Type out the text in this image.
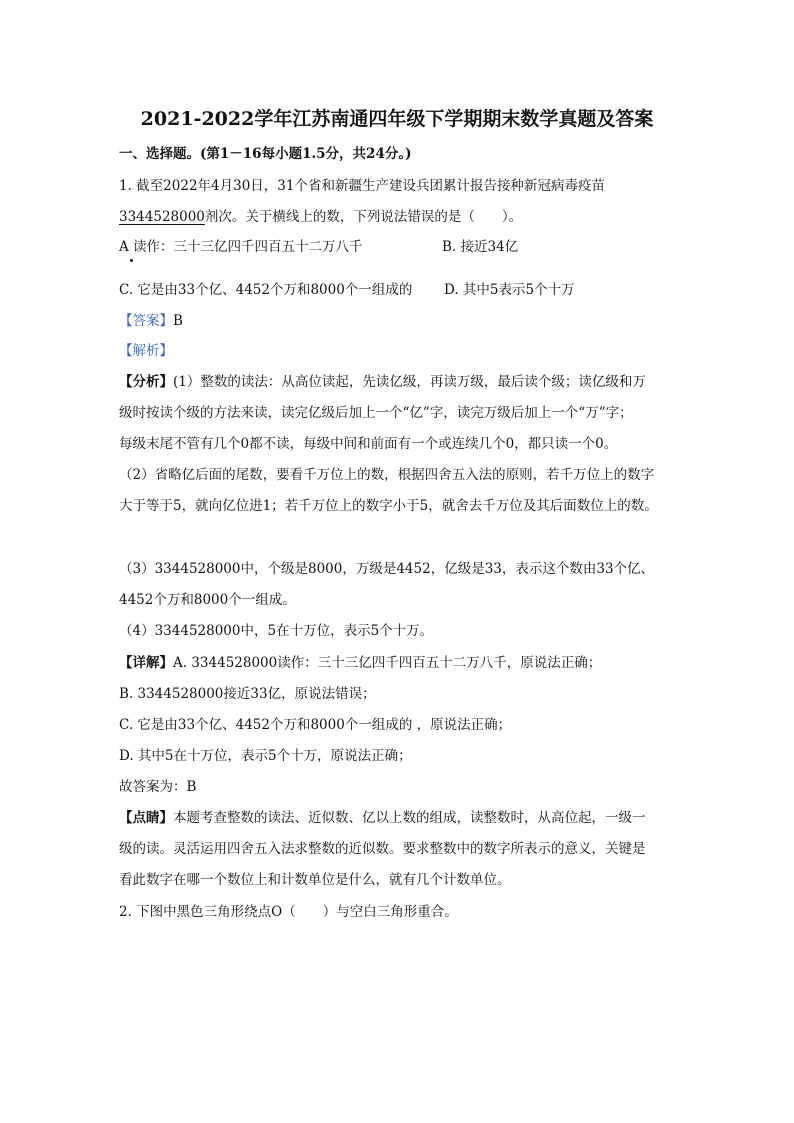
2021-2022学年江苏南通四年级下学期期末数学真题及答案
一、选择题。(第1－16每小题1.5分，共24分。)
1. 截至2022年4月30日，31个省和新疆生产建设兵团累计报告接种新冠病毒疫苗
3344528000剂次。关于横线上的数，下列说法错误的是（　　）。
A 读作：三十三亿四千四百五十二万八千	B. 接近34亿
C. 它是由33个亿、4452个万和8000个一组成的 D. 其中5表示5个十万
【答案】B
【解析】
【分析】(1）整数的读法：从高位读起，先读亿级，再读万级，最后读个级；读亿级和万
级时按读个级的方法来读，读完亿级后加上一个“亿”字，读完万级后加上一个“万”字；
每级末尾不管有几个0都不读，每级中间和前面有一个或连续几个0，都只读一个0。
（2）省略亿后面的尾数，要看千万位上的数，根据四舍五入法的原则，若千万位上的数字
大于等于5，就向亿位进1；若千万位上的数字小于5，就舍去千万位及其后面数位上的数。
（3）3344528000中，个级是8000，万级是4452，亿级是33，表示这个数由33个亿、
4452个万和8000个一组成。
（4）3344528000中，5在十万位，表示5个十万。
【详解】A. 3344528000读作：三十三亿四千四百五十二万八千，原说法正确；
B. 3344528000接近33亿，原说法错误；
C. 它是由33个亿、4452个万和8000个一组成的 ，原说法正确；
D. 其中5在十万位，表示5个十万，原说法正确；
故答案为：B
【点睛】本题考查整数的读法、近似数、亿以上数的组成，读整数时，从高位起，一级一
级的读。灵活运用四舍五入法求整数的近似数。要求整数中的数字所表示的意义，关键是
看此数字在哪一个数位上和计数单位是什么，就有几个计数单位。
2. 下图中黑色三角形绕点O（　　）与空白三角形重合。
